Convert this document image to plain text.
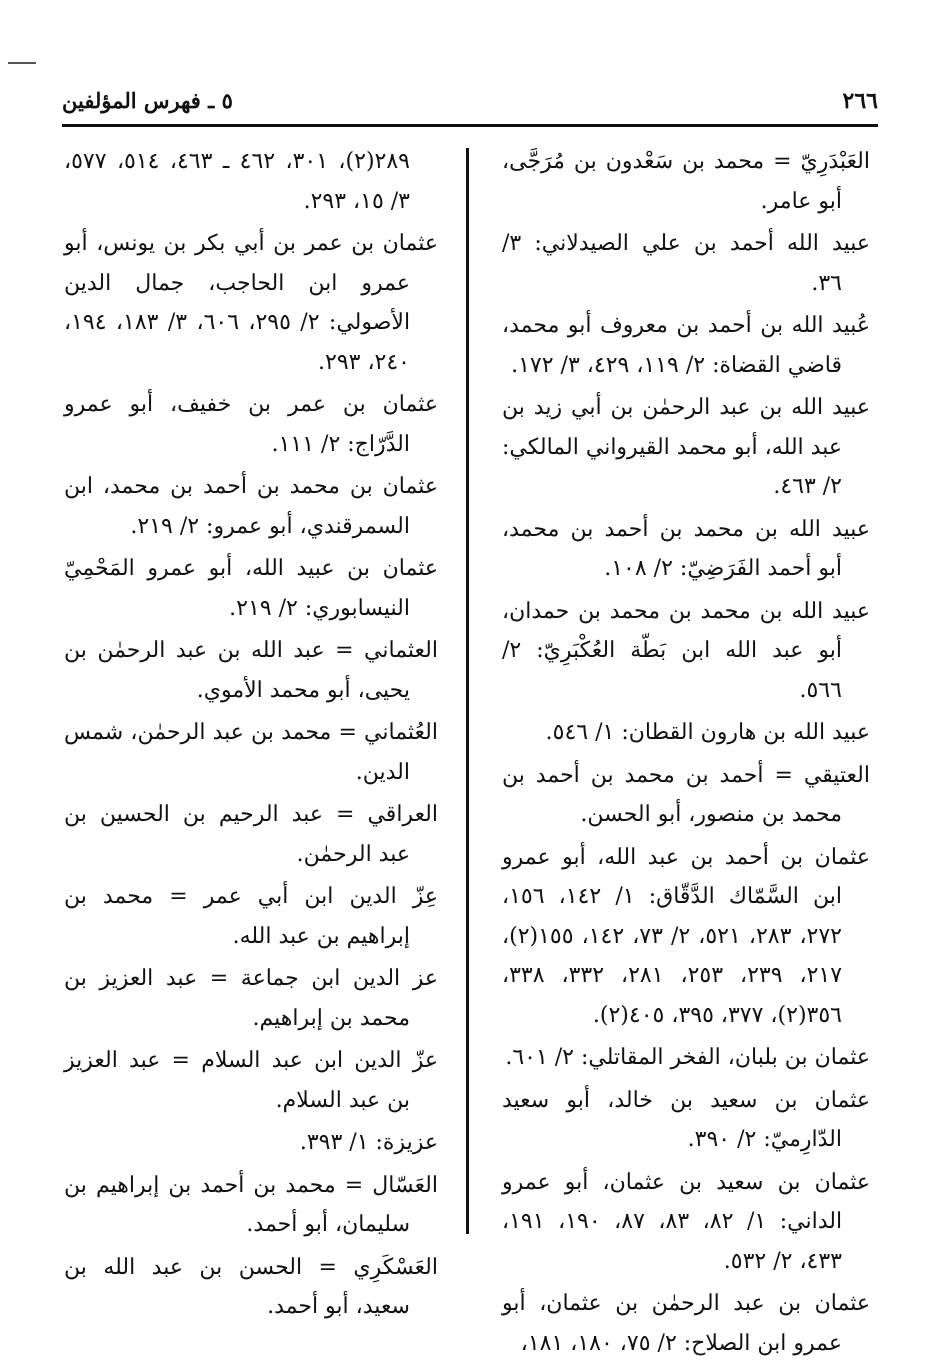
٢٦٦
٥ ـ فهرس المؤلفين

العَبْدَرِيّ = محمد بن سَعْدون بن مُرَجَّى، أبو عامر.

عبيد الله أحمد بن علي الصيدلاني: ٣/ ٣٦.

عُبيد الله بن أحمد بن معروف أبو محمد، قاضي القضاة: ٢/ ١١٩، ٤٢٩، ٣/ ١٧٢.

عبيد الله بن عبد الرحمٰن بن أبي زيد بن عبد الله، أبو محمد القيرواني المالكي: ٢/ ٤٦٣.

عبيد الله بن محمد بن أحمد بن محمد، أبو أحمد الفَرَضِيّ: ٢/ ١٠٨.

عبيد الله بن محمد بن محمد بن حمدان، أبو عبد الله ابن بَطّة العُكْبَرِيّ: ٢/ ٥٦٦.

عبيد الله بن هارون القطان: ١/ ٥٤٦.

العتيقي = أحمد بن محمد بن أحمد بن محمد بن منصور، أبو الحسن.

عثمان بن أحمد بن عبد الله، أبو عمرو ابن السَّمّاك الدَّقّاق: ١/ ١٤٢، ١٥٦، ٢٧٢، ٢٨٣، ٥٢١، ٢/ ٧٣، ١٤٢، ١٥٥(٢)، ٢١٧، ٢٣٩، ٢٥٣، ٢٨١، ٣٣٢، ٣٣٨، ٣٥٦(٢)، ٣٧٧، ٣٩٥، ٤٠٥(٢).

عثمان بن بلبان، الفخر المقاتلي: ٢/ ٦٠١.

عثمان بن سعيد بن خالد، أبو سعيد الدّارِميّ: ٢/ ٣٩٠.

عثمان بن سعيد بن عثمان، أبو عمرو الداني: ١/ ٨٢، ٨٣، ٨٧، ١٩٠، ١٩١، ٤٣٣، ٢/ ٥٣٢.

عثمان بن عبد الرحمٰن بن عثمان، أبو عمرو ابن الصلاح: ٢/ ٧٥، ١٨٠، ١٨١،

٢٨٩(٢)، ٣٠١، ٤٦٢ ـ ٤٦٣، ٥١٤، ٥٧٧، ٣/ ١٥، ٢٩٣.

عثمان بن عمر بن أبي بكر بن يونس، أبو عمرو ابن الحاجب، جمال الدين الأصولي: ٢/ ٢٩٥، ٦٠٦، ٣/ ١٨٣، ١٩٤، ٢٤٠، ٢٩٣.

عثمان بن عمر بن خفيف، أبو عمرو الدَّرّاج: ٢/ ١١١.

عثمان بن محمد بن أحمد بن محمد، ابن السمرقندي، أبو عمرو: ٢/ ٢١٩.

عثمان بن عبيد الله، أبو عمرو المَحْمِيّ النيسابوري: ٢/ ٢١٩.

العثماني = عبد الله بن عبد الرحمٰن بن يحيى، أبو محمد الأموي.

العُثماني = محمد بن عبد الرحمٰن، شمس الدين.

العراقي = عبد الرحيم بن الحسين بن عبد الرحمٰن.

عِزّ الدين ابن أبي عمر = محمد بن إبراهيم بن عبد الله.

عز الدين ابن جماعة = عبد العزيز بن محمد بن إبراهيم.

عزّ الدين ابن عبد السلام = عبد العزيز بن عبد السلام.

عزيزة: ١/ ٣٩٣.

العَسّال = محمد بن أحمد بن إبراهيم بن سليمان، أبو أحمد.

العَسْكَرِي = الحسن بن عبد الله بن سعيد، أبو أحمد.
